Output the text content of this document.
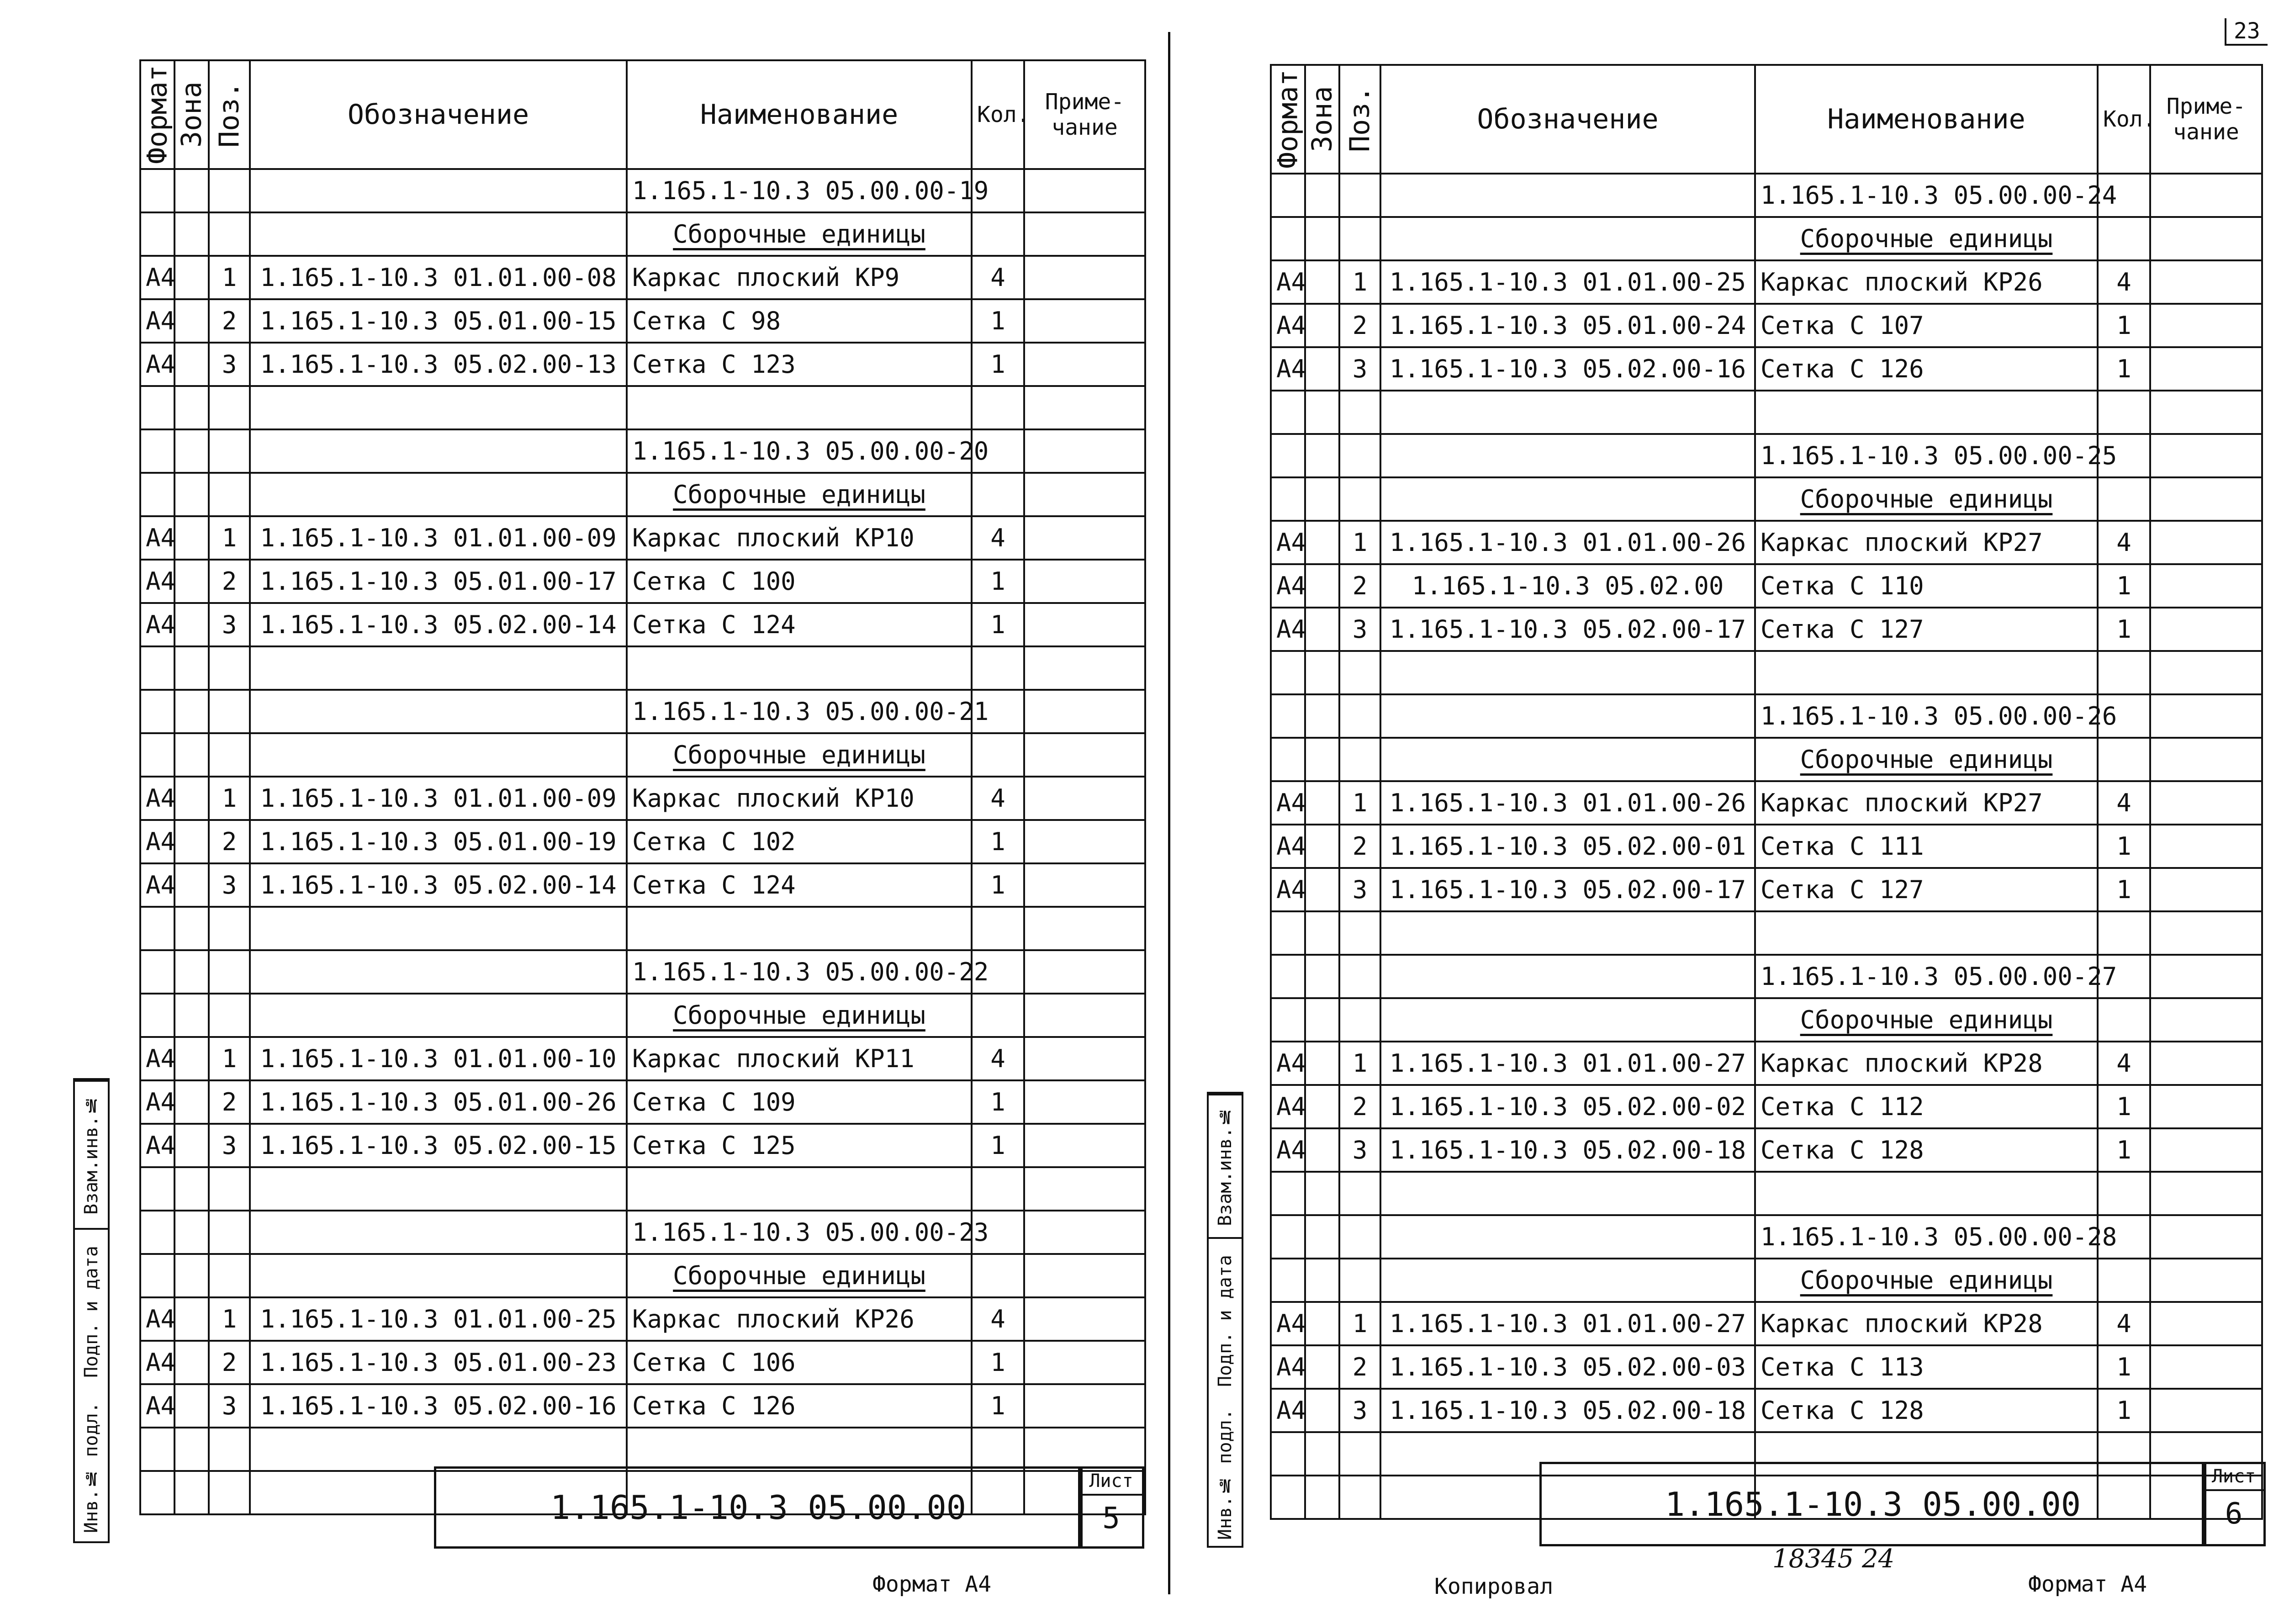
Формат	Зона	Поз.	Обозначение	Наименование	Кол.	Приме- чание
				1.165.1-10.3 05.00.00-19		
				Сборочные единицы		
А4		1	1.165.1-10.3 01.01.00-08	Каркас плоский КР9	4	
А4		2	1.165.1-10.3 05.01.00-15	Сетка С 98	1	
А4		3	1.165.1-10.3 05.02.00-13	Сетка С 123	1	

				1.165.1-10.3 05.00.00-20		
				Сборочные единицы		
А4		1	1.165.1-10.3 01.01.00-09	Каркас плоский КР10	4	
А4		2	1.165.1-10.3 05.01.00-17	Сетка С 100	1	
А4		3	1.165.1-10.3 05.02.00-14	Сетка С 124	1	

				1.165.1-10.3 05.00.00-21		
				Сборочные единицы		
А4		1	1.165.1-10.3 01.01.00-09	Каркас плоский КР10	4	
А4		2	1.165.1-10.3 05.01.00-19	Сетка С 102	1	
А4		3	1.165.1-10.3 05.02.00-14	Сетка С 124	1	

				1.165.1-10.3 05.00.00-22		
				Сборочные единицы		
А4		1	1.165.1-10.3 01.01.00-10	Каркас плоский КР11	4	
А4		2	1.165.1-10.3 05.01.00-26	Сетка С 109	1	
А4		3	1.165.1-10.3 05.02.00-15	Сетка С 125	1	

				1.165.1-10.3 05.00.00-23		
				Сборочные единицы		
А4		1	1.165.1-10.3 01.01.00-25	Каркас плоский КР26	4	
А4		2	1.165.1-10.3 05.01.00-23	Сетка С 106	1	
А4		3	1.165.1-10.3 05.02.00-16	Сетка С 126	1	

Взам.инв.№
Подп. и дата
Инв.№ подл.	1.165.1-10.3 05.00.00
Лист
5
Формат А4
23
Формат	Зона	Поз.	Обозначение	Наименование	Кол.	Приме- чание
				1.165.1-10.3 05.00.00-24		
				Сборочные единицы		
А4		1	1.165.1-10.3 01.01.00-25	Каркас плоский КР26	4	
А4		2	1.165.1-10.3 05.01.00-24	Сетка С 107	1	
А4		3	1.165.1-10.3 05.02.00-16	Сетка С 126	1	

				1.165.1-10.3 05.00.00-25		
				Сборочные единицы		
А4		1	1.165.1-10.3 01.01.00-26	Каркас плоский КР27	4	
А4		2	1.165.1-10.3 05.02.00	Сетка С 110	1	
А4		3	1.165.1-10.3 05.02.00-17	Сетка С 127	1	

				1.165.1-10.3 05.00.00-26		
				Сборочные единицы		
А4		1	1.165.1-10.3 01.01.00-26	Каркас плоский КР27	4	
А4		2	1.165.1-10.3 05.02.00-01	Сетка С 111	1	
А4		3	1.165.1-10.3 05.02.00-17	Сетка С 127	1	

				1.165.1-10.3 05.00.00-27		
				Сборочные единицы		
А4		1	1.165.1-10.3 01.01.00-27	Каркас плоский КР28	4	
А4		2	1.165.1-10.3 05.02.00-02	Сетка С 112	1	
А4		3	1.165.1-10.3 05.02.00-18	Сетка С 128	1	

				1.165.1-10.3 05.00.00-28		
				Сборочные единицы		
А4		1	1.165.1-10.3 01.01.00-27	Каркас плоский КР28	4	
А4		2	1.165.1-10.3 05.02.00-03	Сетка С 113	1	
А4		3	1.165.1-10.3 05.02.00-18	Сетка С 128	1	

Взам.инв.№
Подп. и дата
Инв.№ подл.	1.165.1-10.3 05.00.00
Лист
6
18345 24
Копировал	Формат А4
